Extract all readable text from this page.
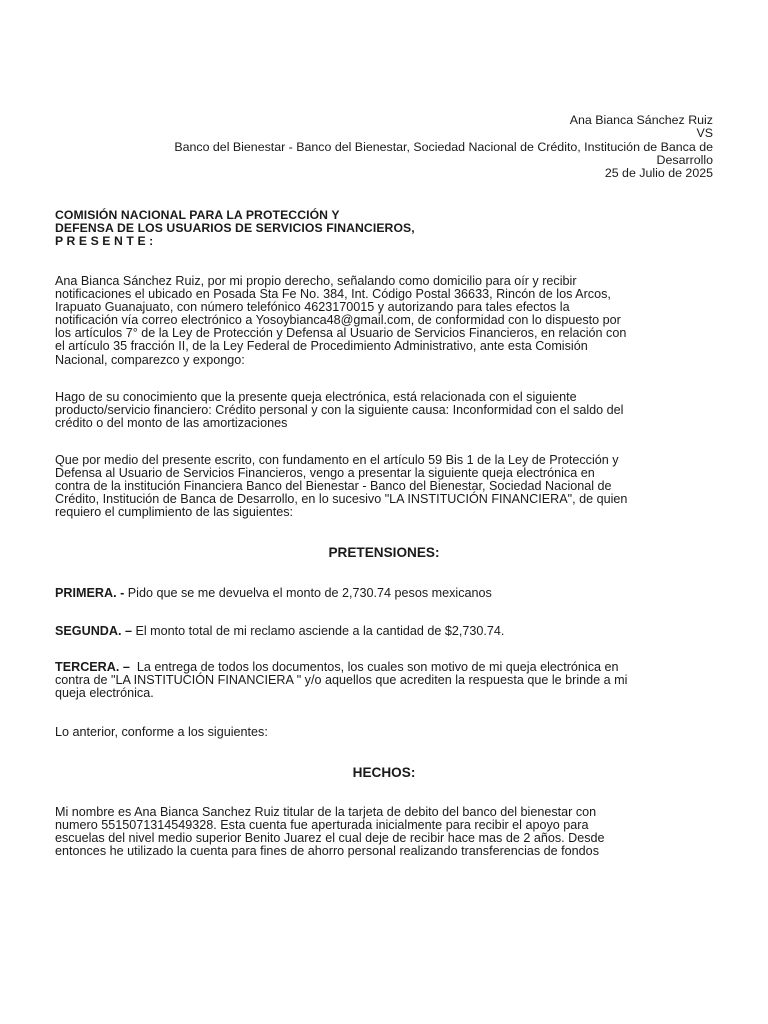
Ana Bianca Sánchez Ruiz
VS
Banco del Bienestar - Banco del Bienestar, Sociedad Nacional de Crédito, Institución de Banca de
Desarrollo
25 de Julio de 2025
COMISIÓN NACIONAL PARA LA PROTECCIÓN Y
DEFENSA DE LOS USUARIOS DE SERVICIOS FINANCIEROS,
P R E S E N T E :
Ana Bianca Sánchez Ruiz, por mi propio derecho, señalando como domicilio para oír y recibir
notificaciones el ubicado en Posada Sta Fe No. 384, Int. Código Postal 36633, Rincón de los Arcos,
Irapuato Guanajuato, con número telefónico 4623170015 y autorizando para tales efectos la
notificación vía correo electrónico a Yosoybianca48@gmail.com, de conformidad con lo dispuesto por
los artículos 7° de la Ley de Protección y Defensa al Usuario de Servicios Financieros, en relación con
el artículo 35 fracción II, de la Ley Federal de Procedimiento Administrativo, ante esta Comisión
Nacional, comparezco y expongo:
Hago de su conocimiento que la presente queja electrónica, está relacionada con el siguiente
producto/servicio financiero: Crédito personal y con la siguiente causa: Inconformidad con el saldo del
crédito o del monto de las amortizaciones
Que por medio del presente escrito, con fundamento en el artículo 59 Bis 1 de la Ley de Protección y
Defensa al Usuario de Servicios Financieros, vengo a presentar la siguiente queja electrónica en
contra de la institución Financiera Banco del Bienestar - Banco del Bienestar, Sociedad Nacional de
Crédito, Institución de Banca de Desarrollo, en lo sucesivo "LA INSTITUCIÓN FINANCIERA", de quien
requiero el cumplimiento de las siguientes:
PRETENSIONES:
PRIMERA. - Pido que se me devuelva el monto de 2,730.74 pesos mexicanos
SEGUNDA. – El monto total de mi reclamo asciende a la cantidad de $2,730.74.
TERCERA. –  La entrega de todos los documentos, los cuales son motivo de mi queja electrónica en
contra de "LA INSTITUCIÓN FINANCIERA " y/o aquellos que acrediten la respuesta que le brinde a mi
queja electrónica.
Lo anterior, conforme a los siguientes:
HECHOS:
Mi nombre es Ana Bianca Sanchez Ruiz titular de la tarjeta de debito del banco del bienestar con
numero 5515071314549328. Esta cuenta fue aperturada inicialmente para recibir el apoyo para
escuelas del nivel medio superior Benito Juarez el cual deje de recibir hace mas de 2 años. Desde
entonces he utilizado la cuenta para fines de ahorro personal realizando transferencias de fondos
